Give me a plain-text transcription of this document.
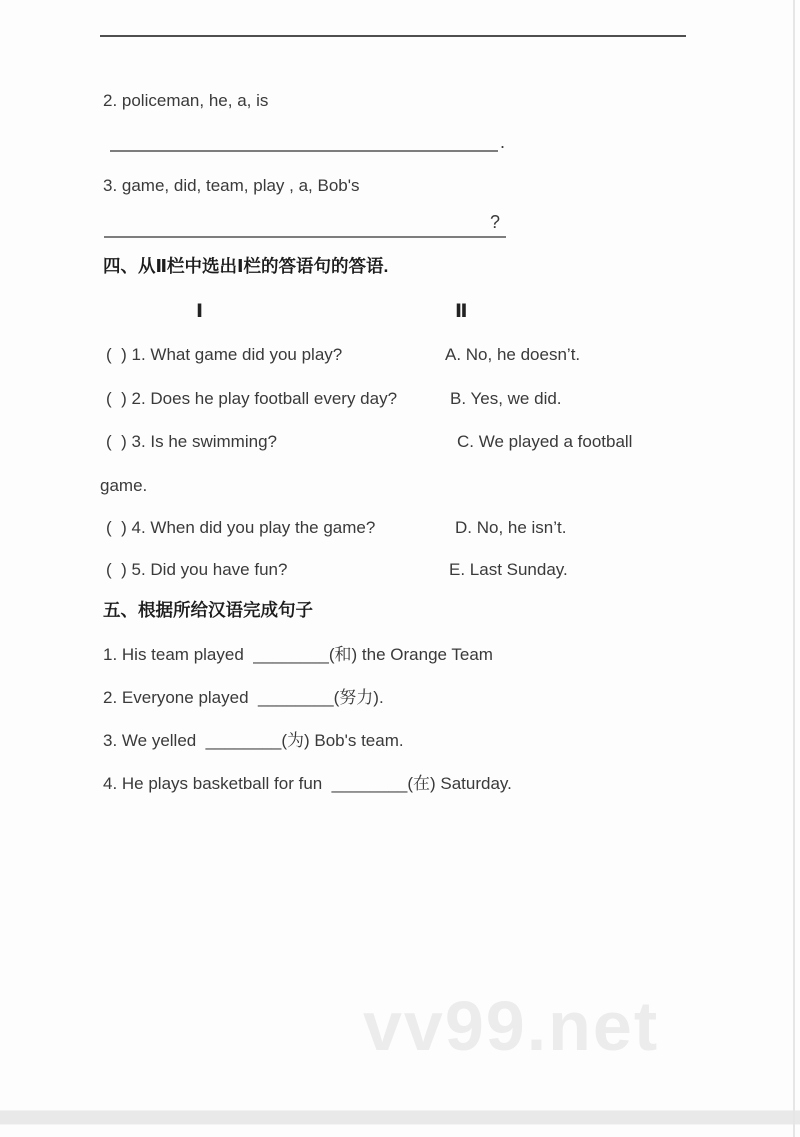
2. policeman, he, a, is
.
3. game, did, team, play , a, Bob's
?
四、从Ⅱ栏中选出Ⅰ栏的答语句的答语.
Ⅰ	Ⅱ
(  ) 1. What game did you play?	A. No, he doesn’t.
(  ) 2. Does he play football every day?	B. Yes, we did.
(  ) 3. Is he swimming?	C. We played a football
game.
(  ) 4. When did you play the game?	D. No, he isn’t.
(  ) 5. Did you have fun?	E. Last Sunday.
五、根据所给汉语完成句子
1. His team played  ________(和) the Orange Team
2. Everyone played  ________(努力).
3. We yelled  ________(为) Bob's team.
4. He plays basketball for fun  ________(在) Saturday.
vv99.net
